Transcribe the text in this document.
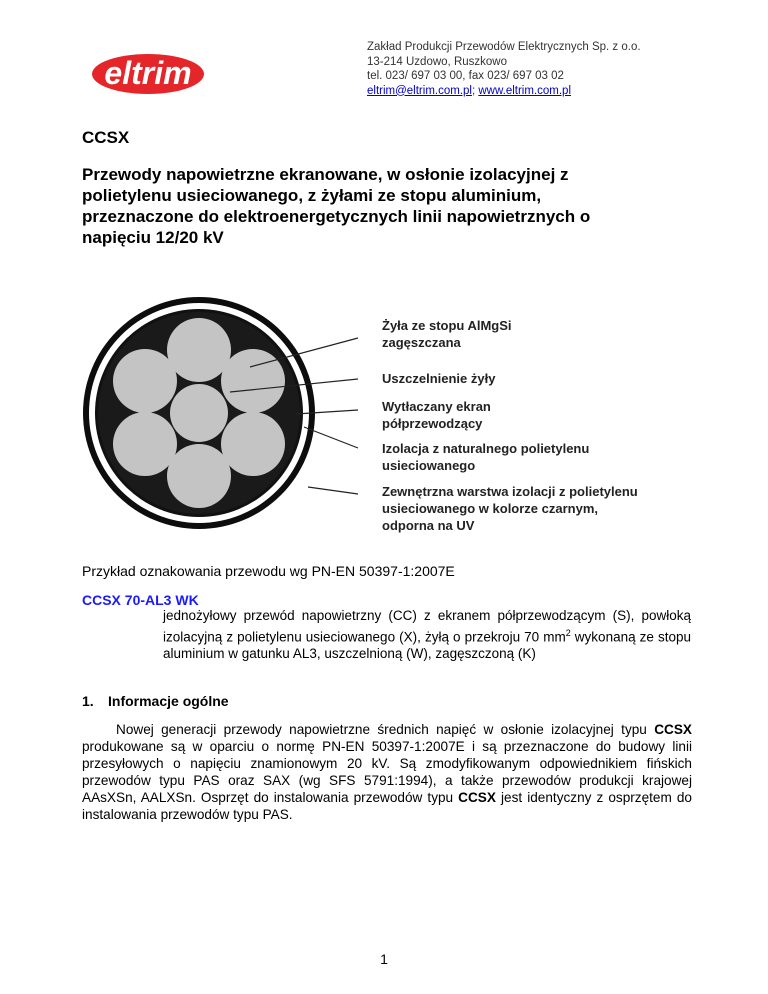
eltrim
Zakład Produkcji Przewodów Elektrycznych Sp. z o.o.
13-214 Uzdowo, Ruszkowo
tel. 023/ 697 03 00, fax 023/ 697 03 02
eltrim@eltrim.com.pl; www.eltrim.com.pl
CCSX
Przewody napowietrzne ekranowane, w osłonie izolacyjnej z polietylenu usieciowanego, z żyłami ze stopu aluminium, przeznaczone do elektroenergetycznych linii napowietrznych o napięciu 12/20 kV
Żyła ze stopu AlMgSi zagęszczana
Uszczelnienie żyły
Wytłaczany ekran półprzewodzący
Izolacja z naturalnego polietylenu usieciowanego
Zewnętrzna warstwa izolacji z polietylenu usieciowanego w kolorze czarnym, odporna na UV
Przykład oznakowania przewodu wg PN-EN 50397-1:2007E
CCSX 70-AL3 WK
jednożyłowy przewód napowietrzny (CC) z ekranem półprzewodzącym (S), powłoką izolacyjną z polietylenu usieciowanego (X), żyłą o przekroju 70 $mm^2$ wykonaną ze stopu aluminium w gatunku AL3, uszczelnioną (W), zagęszczoną (K)
1. Informacje ogólne
Nowej generacji przewody napowietrzne średnich napięć w osłonie izolacyjnej typu CCSX produkowane są w oparciu o normę PN-EN 50397-1:2007E i są przeznaczone do budowy linii przesyłowych o napięciu znamionowym 20 kV. Są zmodyfikowanym odpowiednikiem fińskich przewodów typu PAS oraz SAX (wg SFS 5791:1994), a także przewodów produkcji krajowej AAsXSn, AALXSn. Osprzęt do instalowania przewodów typu CCSX jest identyczny z osprzętem do instalowania przewodów typu PAS.
1
